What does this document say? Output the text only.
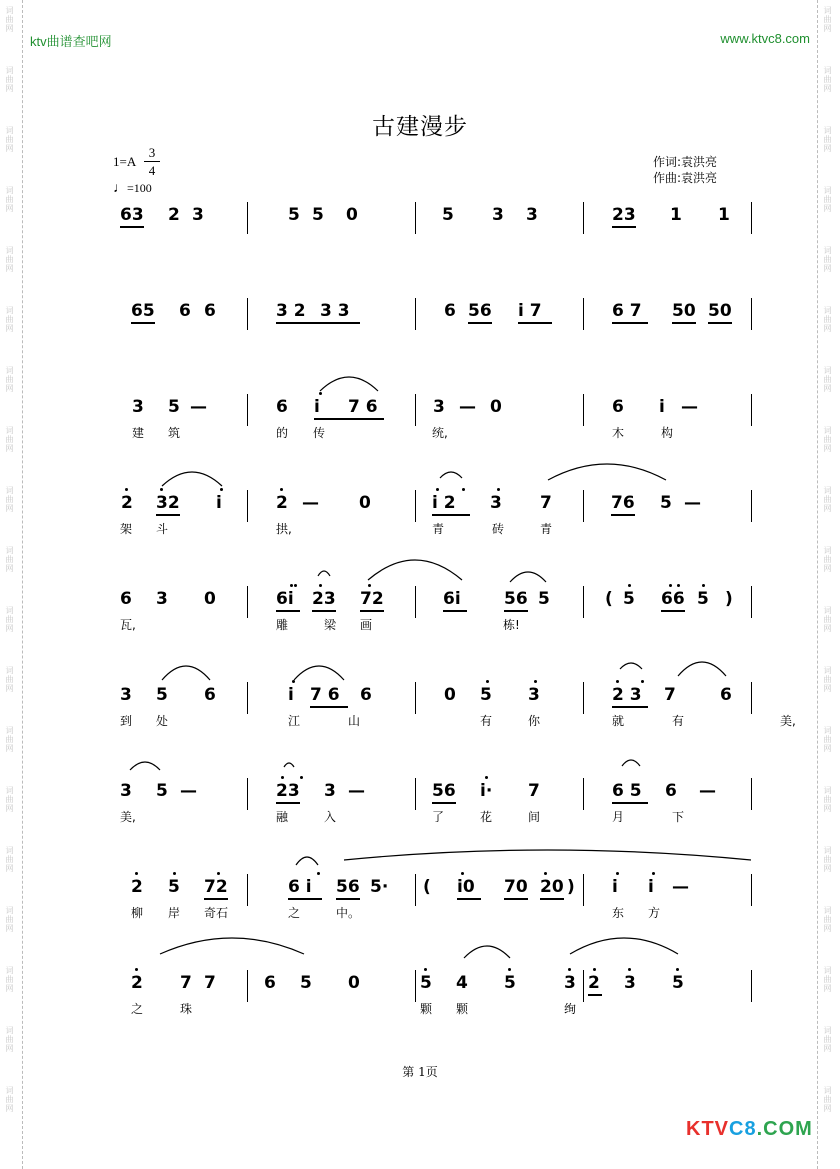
词曲网
词曲网
词曲网
词曲网
词曲网
词曲网
词曲网
词曲网
词曲网
词曲网
词曲网
词曲网
词曲网
词曲网
词曲网
词曲网
词曲网
词曲网
词曲网
词曲网
词曲网
词曲网
词曲网
词曲网
词曲网
词曲网
词曲网
词曲网
词曲网
词曲网
词曲网
词曲网
词曲网
词曲网
词曲网
词曲网
词曲网
词曲网
ktv曲谱查吧网	www.ktvc8.com
古建漫步
1=A
3
4
♩=100
作词:袁洪亮
作曲:袁洪亮
63 2 3	5 5 0	5 3 3	23 1 1
65 6 6	3 2 3 3	6 56 i 7	6 7 50 50
3 5 —	6 i 7 6	3 — 0	6 i —
建 筑	的 传	统,	木	构
2 32 i	2 — 0	i 2 3 7	76 5 —
架 斗	拱,	青	砖	青
6 3 0	6i 23 72	6i	56 5	( 5 66 5 )
瓦,	雕	梁 画	栋!
3 5 6	i 7 6 6	0 5 3	2 3 7	6
到 处	江	山	有	你	就	有	美,
3 5 —	23 3 —	56 i· 7	6 5 6 —
美,	融	入	了	花	间	月	下
2 5 72	6 i 56 5· ( i0 70 20 ) i i —
柳 岸 奇石	之	中。	东 方
2 7 7	6 5 0	5 4 5	3 2 3 5
之	珠	颗 颗	绚
第 1页
KTVC8.COM
